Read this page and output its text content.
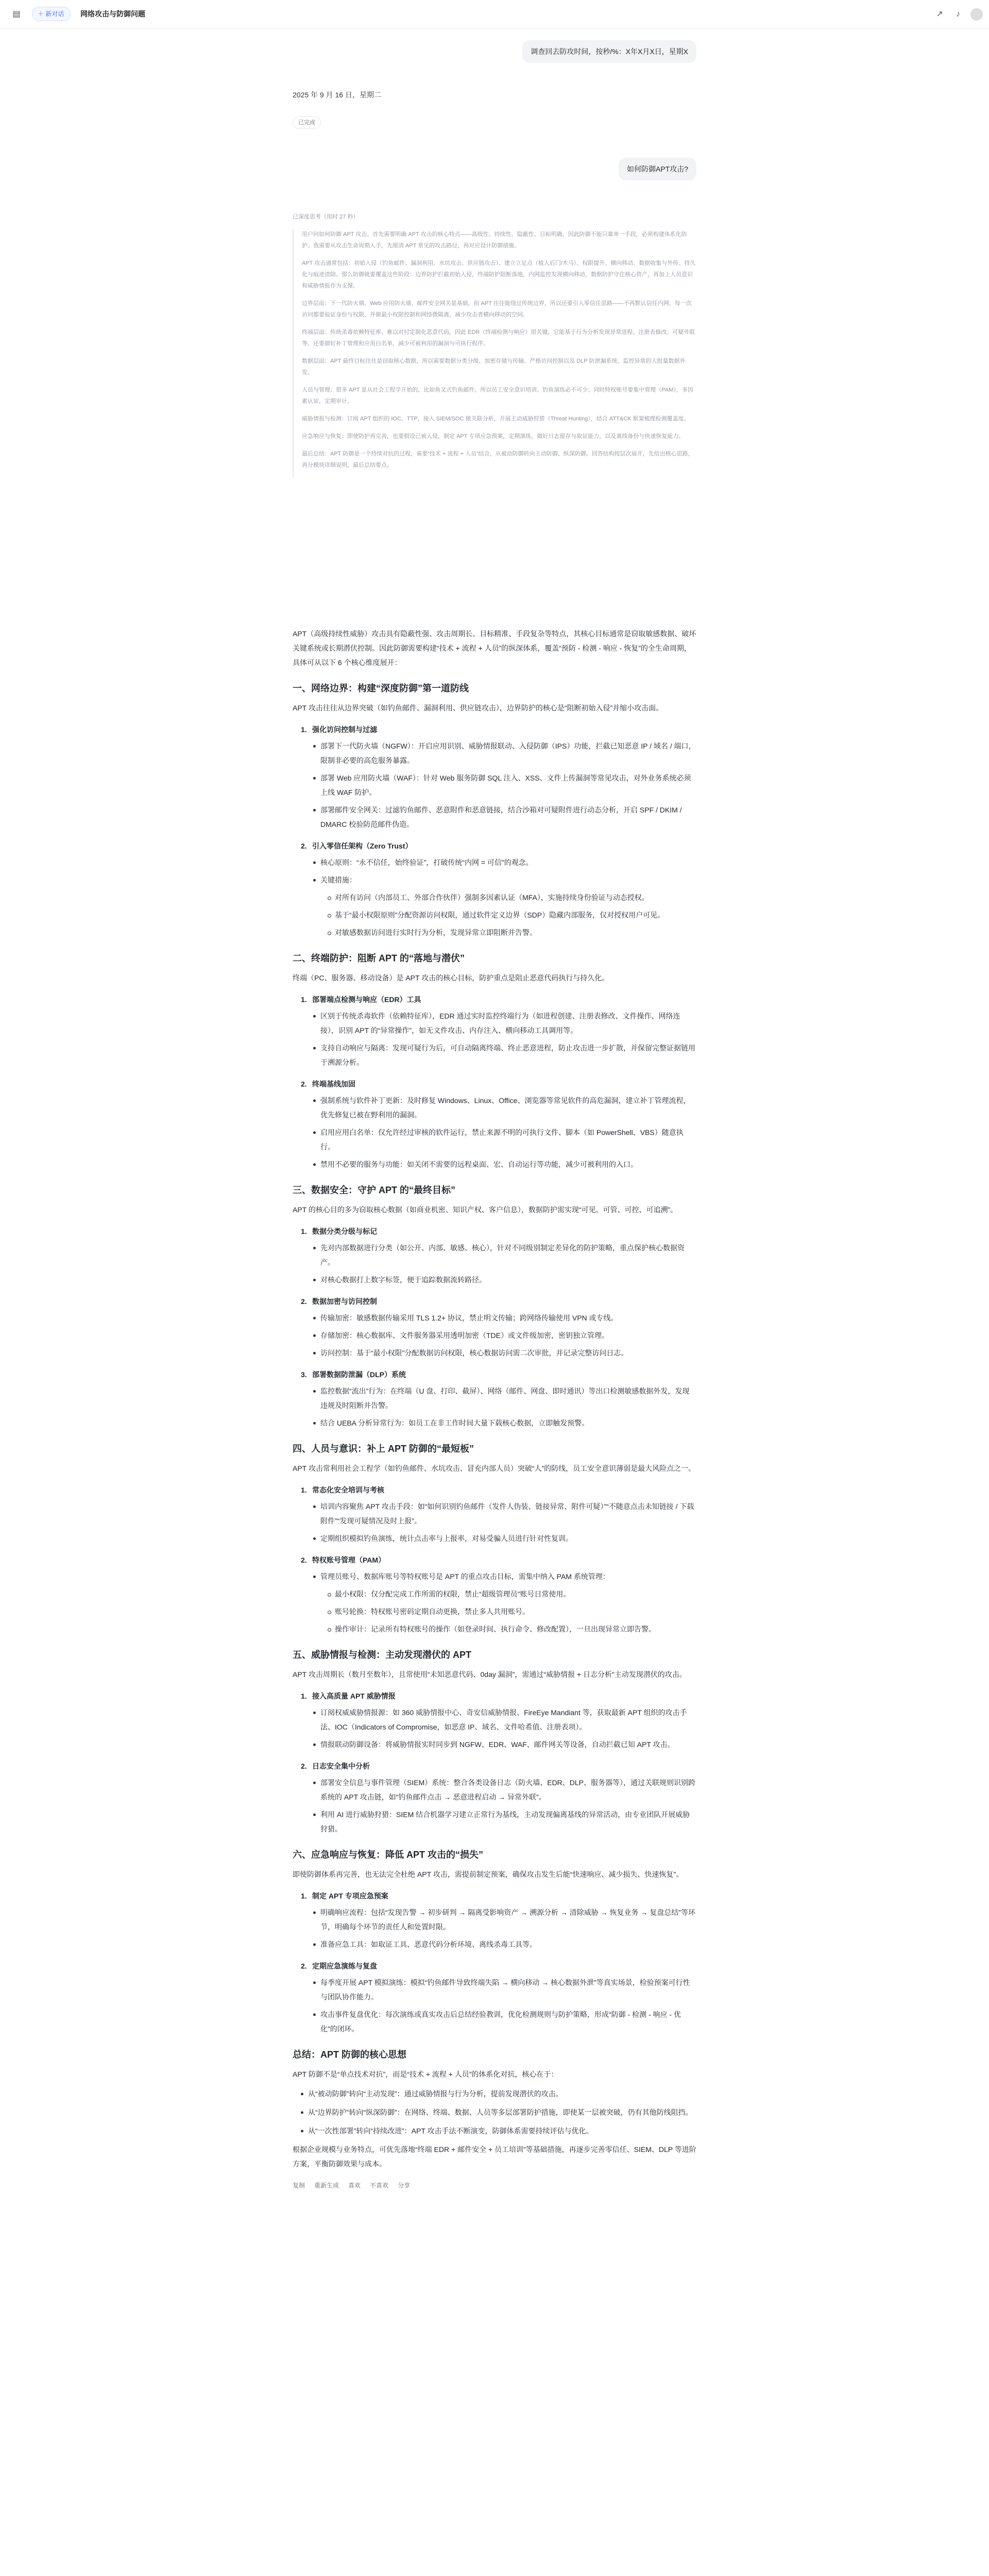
▤	＋ 新对话	网络攻击与防御问题	↗	♪
调查回去防攻时间，按秒/%：X年X月X日，星期X
2025 年 9 月 16 日，星期二
已完成
如何防御APT攻击?
已深度思考（用时 27 秒）

用户问如何防御 APT 攻击。首先需要明确 APT 攻击的核心特点——高级性、持续性、隐蔽性、目标明确，因此防御不能只靠单一手段，必须构建体系化防护。我需要从攻击生命周期入手，先厘清 APT 常见的攻击路径，再对应设计防御措施。

APT 攻击通常包括：初始入侵（钓鱼邮件、漏洞利用、水坑攻击、供应链攻击）、建立立足点（植入后门/木马）、权限提升、横向移动、数据收集与外传、持久化与痕迹清除。那么防御就要覆盖这些阶段：边界防护拦截初始入侵，终端防护阻断落地，内网监控发现横向移动，数据防护守住核心资产，再加上人员意识和威胁情报作为支撑。

边界层面：下一代防火墙、Web 应用防火墙、邮件安全网关是基础，但 APT 往往能绕过传统边界，所以还要引入零信任思路——不再默认信任内网，每一次访问都要验证身份与权限，并做最小权限控制和网络微隔离，减少攻击者横向移动的空间。

终端层面：传统杀毒依赖特征库，难以对付定制化恶意代码，因此 EDR（终端检测与响应）很关键，它能基于行为分析发现异常进程、注册表修改、可疑外联等。还要做好补丁管理和应用白名单，减少可被利用的漏洞与可执行程序。

数据层面：APT 最终目标往往是窃取核心数据，所以需要数据分类分级、加密存储与传输、严格访问控制以及 DLP 防泄漏系统，监控异常的大批量数据外发。

人员与管理：很多 APT 是从社会工程学开始的，比如鱼叉式钓鱼邮件，所以员工安全意识培训、钓鱼演练必不可少；同时特权账号要集中管理（PAM），多因素认证，定期审计。

威胁情报与检测：订阅 APT 组织的 IOC、TTP，接入 SIEM/SOC 做关联分析，开展主动威胁狩猎（Threat Hunting），结合 ATT&CK 框架梳理检测覆盖度。

应急响应与恢复：即使防护再完善，也要假设已被入侵，制定 APT 专项应急预案，定期演练，做好日志留存与取证能力，以及离线备份与快速恢复能力。

最后总结：APT 防御是一个持续对抗的过程，需要“技术 + 流程 + 人员”结合，从被动防御转向主动防御、纵深防御。回答结构按层次展开，先给出核心思路，再分模块详细说明，最后总结要点。

APT（高级持续性威胁）攻击具有隐蔽性强、攻击周期长、目标精准、手段复杂等特点，其核心目标通常是窃取敏感数据、破坏关键系统或长期潜伏控制。因此防御需要构建“技术 + 流程 + 人员”的纵深体系，覆盖“预防 - 检测 - 响应 - 恢复”的全生命周期，具体可从以下 6 个核心维度展开：

一、网络边界：构建“深度防御”第一道防线

APT 攻击往往从边界突破（如钓鱼邮件、漏洞利用、供应链攻击），边界防护的核心是“阻断初始入侵”并缩小攻击面。

1. 强化访问控制与过滤
部署下一代防火墙（NGFW）：开启应用识别、威胁情报联动、入侵防御（IPS）功能，拦截已知恶意 IP / 域名 / 端口，限制非必要的高危服务暴露。
部署 Web 应用防火墙（WAF）：针对 Web 服务防御 SQL 注入、XSS、文件上传漏洞等常见攻击，对外业务系统必须上线 WAF 防护。
部署邮件安全网关：过滤钓鱼邮件、恶意附件和恶意链接，结合沙箱对可疑附件进行动态分析，开启 SPF / DKIM / DMARC 校验防范邮件伪造。
2. 引入零信任架构（Zero Trust）
核心原则：“永不信任，始终验证”，打破传统“内网 = 可信”的观念。
关键措施：
对所有访问（内部员工、外部合作伙伴）强制多因素认证（MFA），实施持续身份验证与动态授权。
基于“最小权限原则”分配资源访问权限，通过软件定义边界（SDP）隐藏内部服务，仅对授权用户可见。
对敏感数据访问进行实时行为分析，发现异常立即阻断并告警。
二、终端防护：阻断 APT 的“落地与潜伏”

终端（PC、服务器、移动设备）是 APT 攻击的核心目标，防护重点是阻止恶意代码执行与持久化。

1. 部署端点检测与响应（EDR）工具
区别于传统杀毒软件（依赖特征库），EDR 通过实时监控终端行为（如进程创建、注册表修改、文件操作、网络连接），识别 APT 的“异常操作”，如无文件攻击、内存注入、横向移动工具调用等。
支持自动响应与隔离：发现可疑行为后，可自动隔离终端、终止恶意进程，防止攻击进一步扩散，并保留完整证据链用于溯源分析。
2. 终端基线加固
强制系统与软件补丁更新：及时修复 Windows、Linux、Office、浏览器等常见软件的高危漏洞，建立补丁管理流程，优先修复已被在野利用的漏洞。
启用应用白名单：仅允许经过审核的软件运行，禁止来源不明的可执行文件、脚本（如 PowerShell、VBS）随意执行。
禁用不必要的服务与功能：如关闭不需要的远程桌面、宏、自动运行等功能，减少可被利用的入口。
三、数据安全：守护 APT 的“最终目标”

APT 的核心目的多为窃取核心数据（如商业机密、知识产权、客户信息），数据防护需实现“可见、可管、可控、可追溯”。

1. 数据分类分级与标记
先对内部数据进行分类（如公开、内部、敏感、核心），针对不同级别制定差异化的防护策略，重点保护核心数据资产。
对核心数据打上数字标签，便于追踪数据流转路径。
2. 数据加密与访问控制
传输加密：敏感数据传输采用 TLS 1.2+ 协议，禁止明文传输；跨网络传输使用 VPN 或专线。
存储加密：核心数据库、文件服务器采用透明加密（TDE）或文件级加密，密钥独立管理。
访问控制：基于“最小权限”分配数据访问权限，核心数据访问需二次审批，并记录完整访问日志。
3. 部署数据防泄漏（DLP）系统
监控数据“流出”行为：在终端（U 盘、打印、截屏）、网络（邮件、网盘、即时通讯）等出口检测敏感数据外发，发现违规及时阻断并告警。
结合 UEBA 分析异常行为：如员工在非工作时间大量下载核心数据，立即触发预警。
四、人员与意识：补上 APT 防御的“最短板”

APT 攻击常利用社会工程学（如钓鱼邮件、水坑攻击、冒充内部人员）突破“人”的防线，员工安全意识薄弱是最大风险点之一。

1. 常态化安全培训与考核
培训内容聚焦 APT 攻击手段：如“如何识别钓鱼邮件（发件人伪装、链接异常、附件可疑）”“不随意点击未知链接 / 下载附件”“发现可疑情况及时上报”。
定期组织模拟钓鱼演练，统计点击率与上报率，对易受骗人员进行针对性复训。
2. 特权账号管理（PAM）
管理员账号、数据库账号等特权账号是 APT 的重点攻击目标，需集中纳入 PAM 系统管理：
最小权限：仅分配完成工作所需的权限，禁止“超级管理员”账号日常使用。
账号轮换：特权账号密码定期自动更换，禁止多人共用账号。
操作审计：记录所有特权账号的操作（如登录时间、执行命令、修改配置），一旦出现异常立即告警。
五、威胁情报与检测：主动发现潜伏的 APT

APT 攻击周期长（数月至数年），且常使用“未知恶意代码、0day 漏洞”，需通过“威胁情报 + 日志分析”主动发现潜伏的攻击。

1. 接入高质量 APT 威胁情报
订阅权威威胁情报源：如 360 威胁情报中心、奇安信威胁情报、FireEye Mandiant 等，获取最新 APT 组织的攻击手法、IOC（Indicators of Compromise，如恶意 IP、域名、文件哈希值、注册表项）。
情报联动防御设备：将威胁情报实时同步到 NGFW、EDR、WAF、邮件网关等设备，自动拦截已知 APT 攻击。
2. 日志安全集中分析
部署安全信息与事件管理（SIEM）系统：整合各类设备日志（防火墙、EDR、DLP、服务器等），通过关联规则识别跨系统的 APT 攻击链，如“钓鱼邮件点击 → 恶意进程启动 → 异常外联”。
利用 AI 进行威胁狩猎：SIEM 结合机器学习建立正常行为基线，主动发现偏离基线的异常活动，由专业团队开展威胁狩猎。
六、应急响应与恢复：降低 APT 攻击的“损失”

即使防御体系再完善，也无法完全杜绝 APT 攻击，需提前制定预案，确保攻击发生后能“快速响应、减少损失、快速恢复”。

1. 制定 APT 专项应急预案
明确响应流程：包括“发现告警 → 初步研判 → 隔离受影响资产 → 溯源分析 → 清除威胁 → 恢复业务 → 复盘总结”等环节，明确每个环节的责任人和处置时限。
准备应急工具：如取证工具、恶意代码分析环境、离线杀毒工具等。
2. 定期应急演练与复盘
每季度开展 APT 模拟演练：模拟“钓鱼邮件导致终端失陷 → 横向移动 → 核心数据外泄”等真实场景，检验预案可行性与团队协作能力。
攻击事件复盘优化：每次演练或真实攻击后总结经验教训，优化检测规则与防护策略，形成“防御 - 检测 - 响应 - 优化”的闭环。
总结：APT 防御的核心思想

APT 防御不是“单点技术对抗”，而是“技术 + 流程 + 人员”的体系化对抗，核心在于：

从“被动防御”转向“主动发现”：通过威胁情报与行为分析，提前发现潜伏的攻击。
从“边界防护”转向“纵深防御”：在网络、终端、数据、人员等多层部署防护措施，即使某一层被突破，仍有其他防线阻挡。
从“一次性部署”转向“持续改进”：APT 攻击手法不断演变，防御体系需要持续评估与优化。

根据企业规模与业务特点，可优先落地“终端 EDR + 邮件安全 + 员工培训”等基础措施，再逐步完善零信任、SIEM、DLP 等进阶方案，平衡防御效果与成本。

复制 重新生成 喜欢 不喜欢 分享
